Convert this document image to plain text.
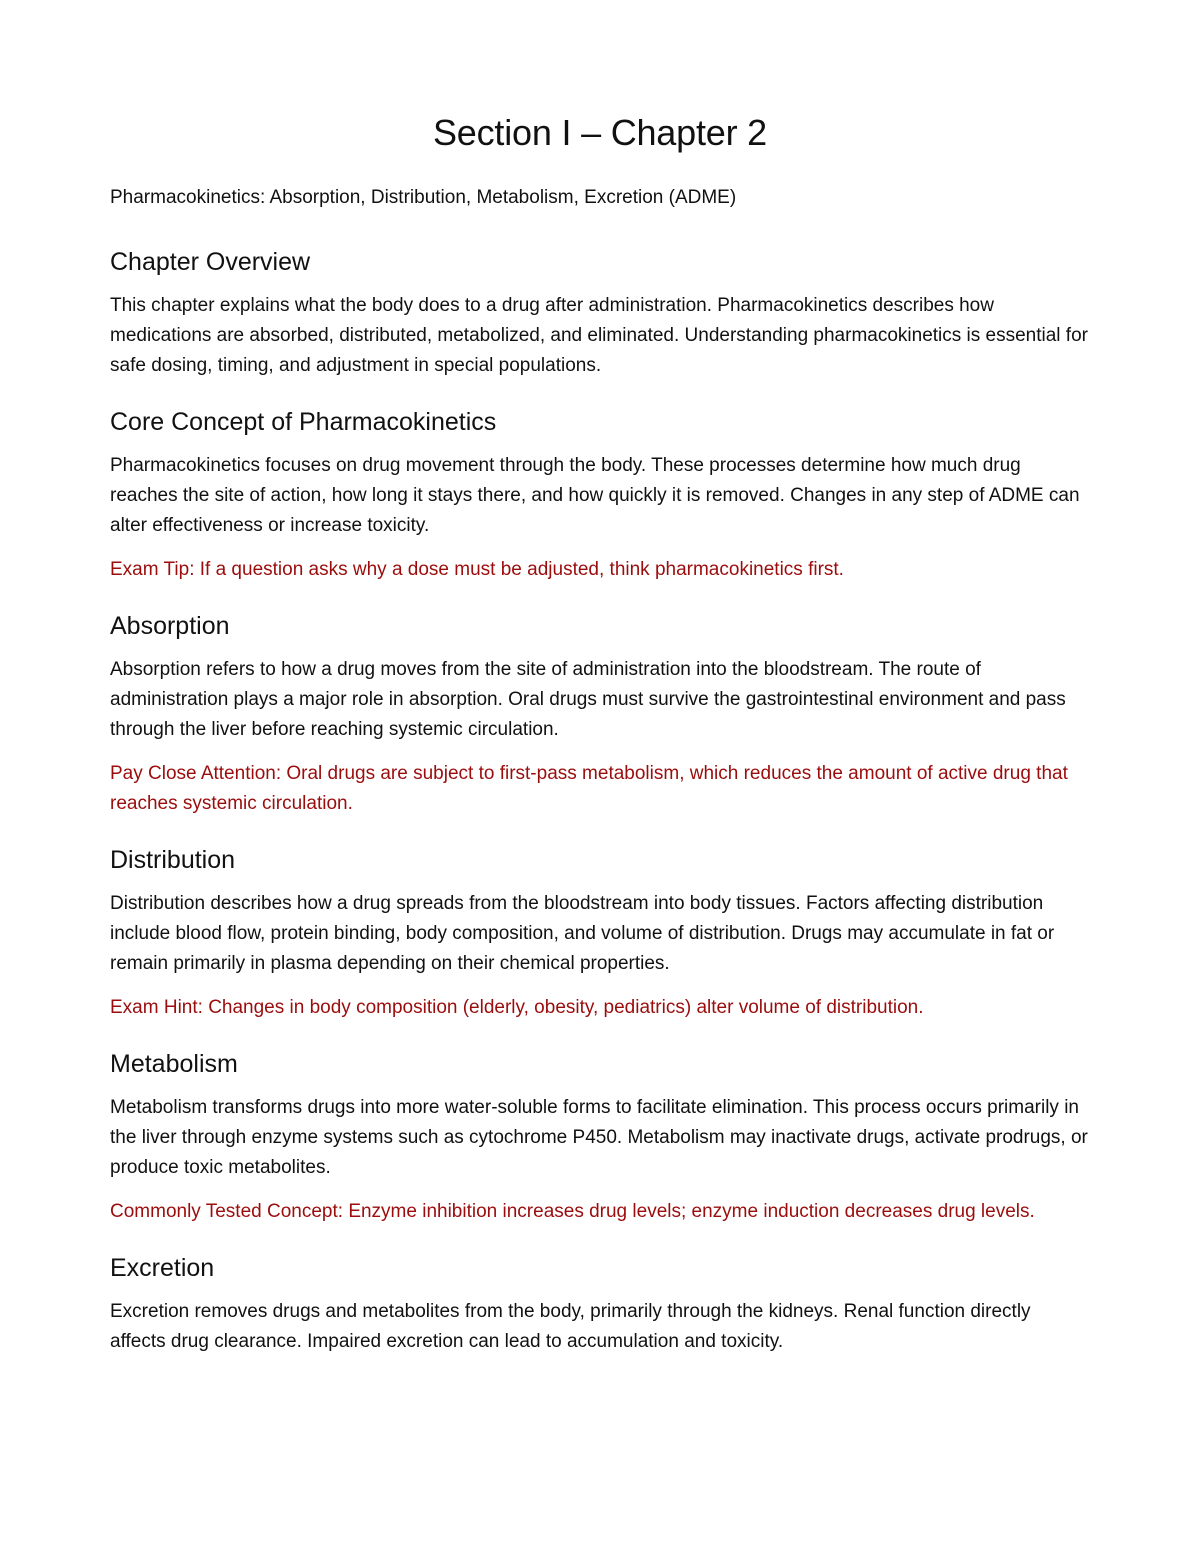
Section I – Chapter 2

Pharmacokinetics: Absorption, Distribution, Metabolism, Excretion (ADME)

Chapter Overview

This chapter explains what the body does to a drug after administration. Pharmacokinetics describes how medications are absorbed, distributed, metabolized, and eliminated. Understanding pharmacokinetics is essential for safe dosing, timing, and adjustment in special populations.

Core Concept of Pharmacokinetics

Pharmacokinetics focuses on drug movement through the body. These processes determine how much drug reaches the site of action, how long it stays there, and how quickly it is removed. Changes in any step of ADME can alter effectiveness or increase toxicity.

Exam Tip: If a question asks why a dose must be adjusted, think pharmacokinetics first.

Absorption

Absorption refers to how a drug moves from the site of administration into the bloodstream. The route of administration plays a major role in absorption. Oral drugs must survive the gastrointestinal environment and pass through the liver before reaching systemic circulation.

Pay Close Attention: Oral drugs are subject to first-pass metabolism, which reduces the amount of active drug that reaches systemic circulation.

Distribution

Distribution describes how a drug spreads from the bloodstream into body tissues. Factors affecting distribution include blood flow, protein binding, body composition, and volume of distribution. Drugs may accumulate in fat or remain primarily in plasma depending on their chemical properties.

Exam Hint: Changes in body composition (elderly, obesity, pediatrics) alter volume of distribution.

Metabolism

Metabolism transforms drugs into more water-soluble forms to facilitate elimination. This process occurs primarily in the liver through enzyme systems such as cytochrome P450. Metabolism may inactivate drugs, activate prodrugs, or produce toxic metabolites.

Commonly Tested Concept: Enzyme inhibition increases drug levels; enzyme induction decreases drug levels.

Excretion

Excretion removes drugs and metabolites from the body, primarily through the kidneys. Renal function directly affects drug clearance. Impaired excretion can lead to accumulation and toxicity.
